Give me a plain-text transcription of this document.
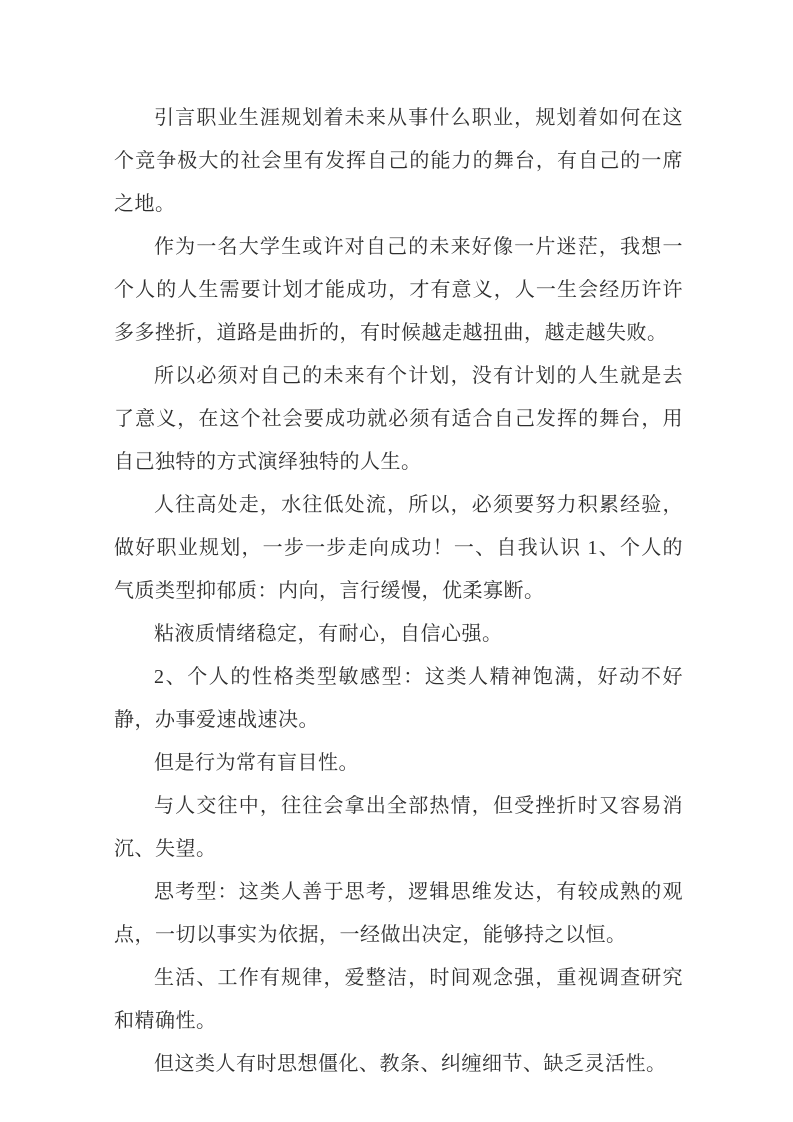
引言职业生涯规划着未来从事什么职业，规划着如何在这个竞争极大的社会里有发挥自己的能力的舞台，有自己的一席之地。

作为一名大学生或许对自己的未来好像一片迷茫，我想一个人的人生需要计划才能成功，才有意义，人一生会经历许许多多挫折，道路是曲折的，有时候越走越扭曲，越走越失败。

所以必须对自己的未来有个计划，没有计划的人生就是去了意义，在这个社会要成功就必须有适合自己发挥的舞台，用自己独特的方式演绎独特的人生。

人往高处走，水往低处流，所以，必须要努力积累经验，做好职业规划，一步一步走向成功！一、自我认识 1、个人的气质类型抑郁质：内向，言行缓慢，优柔寡断。

粘液质情绪稳定，有耐心，自信心强。

2、个人的性格类型敏感型：这类人精神饱满，好动不好静，办事爱速战速决。

但是行为常有盲目性。

与人交往中，往往会拿出全部热情，但受挫折时又容易消沉、失望。

思考型：这类人善于思考，逻辑思维发达，有较成熟的观点，一切以事实为依据，一经做出决定，能够持之以恒。

生活、工作有规律，爱整洁，时间观念强，重视调查研究和精确性。

但这类人有时思想僵化、教条、纠缠细节、缺乏灵活性。
